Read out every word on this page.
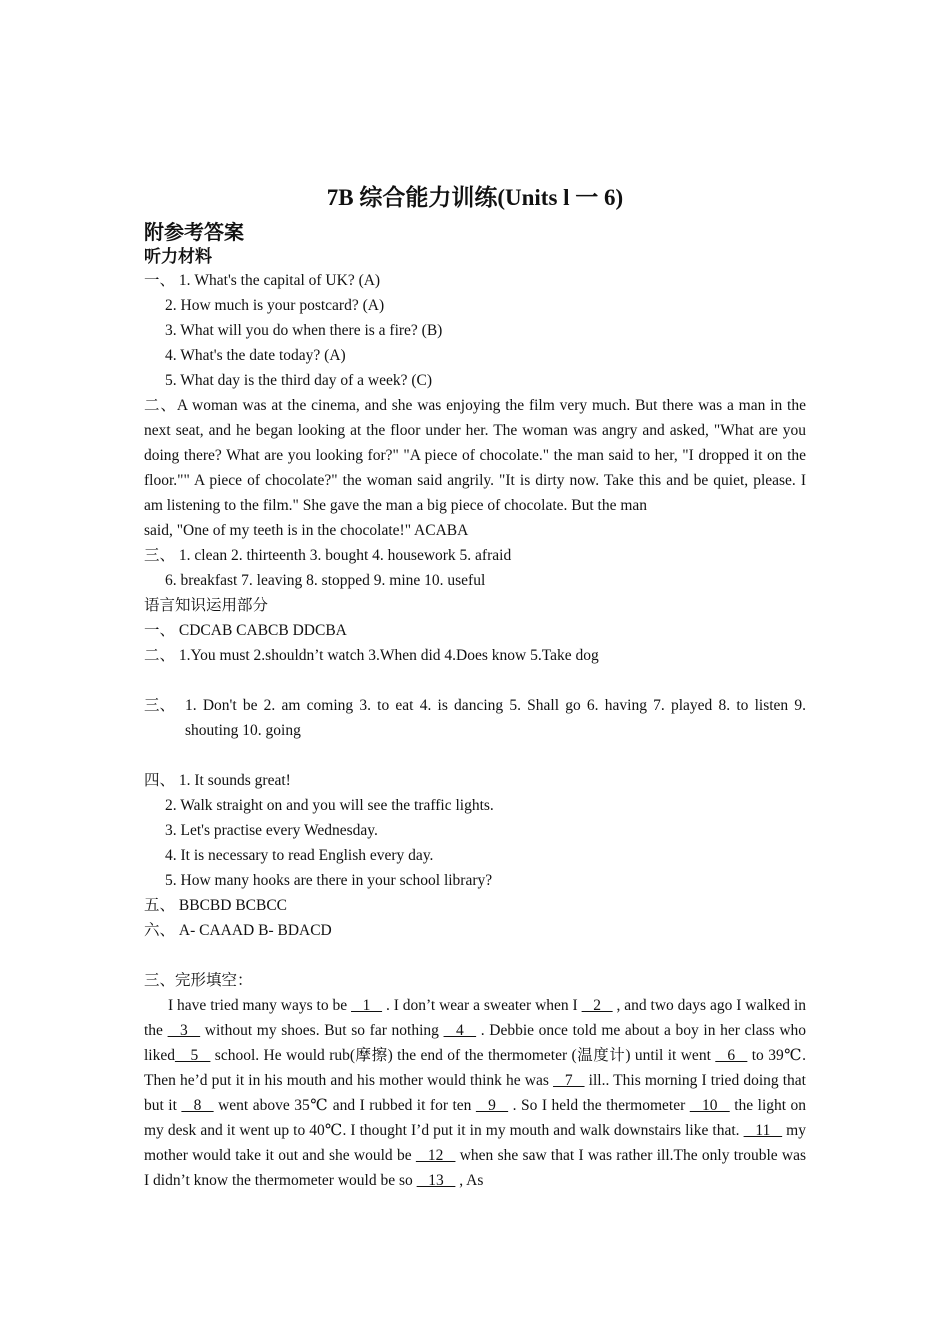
7B 综合能力训练(Units l 一 6)
附参考答案
听力材料
一、 1. What's the capital of UK? (A)
2. How much is your postcard? (A)
3. What will you do when there is a fire? (B)
4. What's the date today? (A)
5. What day is the third day of a week? (C)
二、A woman was at the cinema, and she was enjoying the film very much. But there was a man in the next seat, and he began looking at the floor under her. The woman was angry and asked, "What are you doing there? What are you looking for?" "A piece of chocolate." the man said to her, "I dropped it on the floor."" A piece of chocolate?" the woman said angrily. "It is dirty now. Take this and be quiet, please. I am listening to the film." She gave the man a big piece of chocolate. But the man
said, "One of my teeth is in the chocolate!" ACABA
三、 1. clean 2. thirteenth 3. bought 4. housework 5. afraid
6. breakfast 7. leaving 8. stopped 9. mine 10. useful
语言知识运用部分
一、 CDCAB CABCB DDCBA
二、 1.You must 2.shouldn’t watch 3.When did 4.Does know 5.Take dog
三、 1. Don't be 2. am coming 3. to eat 4. is dancing 5. Shall go 6. having 7. played 8. to listen 9. shouting 10. going
四、 1. It sounds great!
2. Walk straight on and you will see the traffic lights.
3. Let's practise every Wednesday.
4. It is necessary to read English every day.
5. How many hooks are there in your school library?
五、 BBCBD BCBCC
六、 A- CAAAD B- BDACD
三、完形填空：
I have tried many ways to be  _1_  . I don’t wear a sweater when I  _2_  , and two days ago I walked in the  _3_  without my shoes. But so far nothing  _4_  . Debbie once told me about a boy in her class who liked__5_  school. He would rub(摩擦) the end of the thermometer (温度计) until it went  _6_  to 39℃. Then he’d put it in his mouth and his mother would think he was  _7_  ill.. This morning I tried doing that but it  _8_  went above 35℃ and I rubbed it for ten  _9_  . So I held the thermometer  _10_  the light on my desk and it went up to 40℃. I thought I’d put it in my mouth and walk downstairs like that.  _11_  my mother would take it out and she would be  _12_  when she saw that I was rather ill.The only trouble was I didn’t know the thermometer would be so  _13_  , As
